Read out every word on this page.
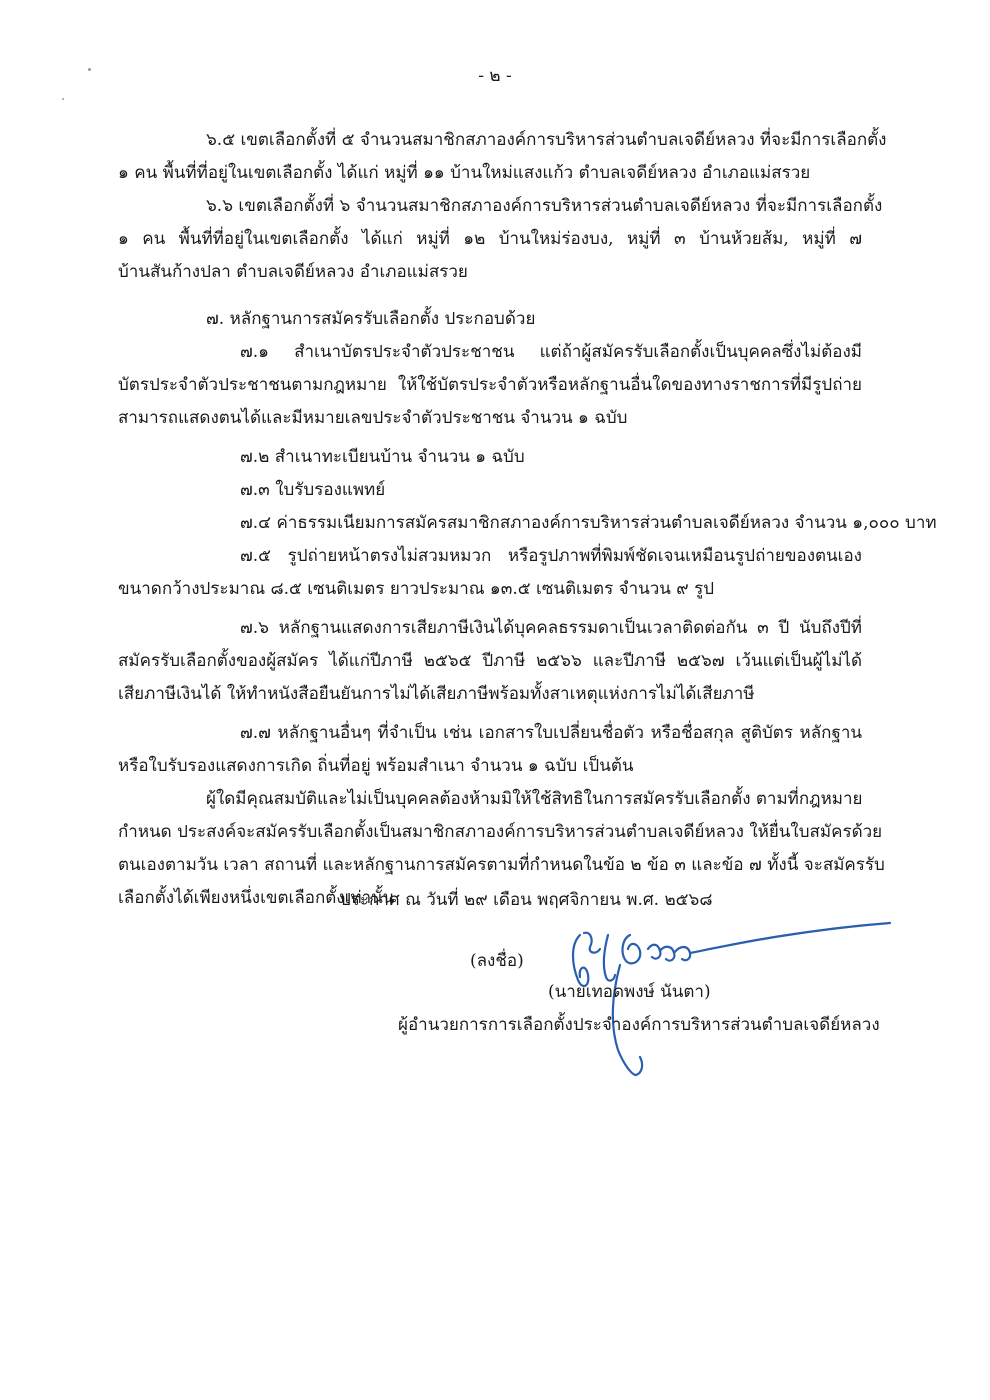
- ๒ -
๖.๕ เขตเลือกตั้งที่ ๕ จำนวนสมาชิกสภาองค์การบริหารส่วนตำบลเจดีย์หลวง ที่จะมีการเลือกตั้ง
๑ คน พื้นที่ที่อยู่ในเขตเลือกตั้ง ได้แก่ หมู่ที่ ๑๑ บ้านใหม่แสงแก้ว ตำบลเจดีย์หลวง อำเภอแม่สรวย
๖.๖ เขตเลือกตั้งที่ ๖ จำนวนสมาชิกสภาองค์การบริหารส่วนตำบลเจดีย์หลวง ที่จะมีการเลือกตั้ง
๑ คน พื้นที่ที่อยู่ในเขตเลือกตั้ง ได้แก่ หมู่ที่ ๑๒ บ้านใหม่ร่องบง, หมู่ที่ ๓ บ้านห้วยส้ม, หมู่ที่ ๗
บ้านสันก้างปลา ตำบลเจดีย์หลวง อำเภอแม่สรวย
๗. หลักฐานการสมัครรับเลือกตั้ง ประกอบด้วย
๗.๑ สำเนาบัตรประจำตัวประชาชน แต่ถ้าผู้สมัครรับเลือกตั้งเป็นบุคคลซึ่งไม่ต้องมี
บัตรประจำตัวประชาชนตามกฎหมาย ให้ใช้บัตรประจำตัวหรือหลักฐานอื่นใดของทางราชการที่มีรูปถ่าย
สามารถแสดงตนได้และมีหมายเลขประจำตัวประชาชน จำนวน ๑ ฉบับ
๗.๒ สำเนาทะเบียนบ้าน จำนวน ๑ ฉบับ
๗.๓ ใบรับรองแพทย์
๗.๔ ค่าธรรมเนียมการสมัครสมาชิกสภาองค์การบริหารส่วนตำบลเจดีย์หลวง จำนวน ๑,๐๐๐ บาท
๗.๕ รูปถ่ายหน้าตรงไม่สวมหมวก หรือรูปภาพที่พิมพ์ชัดเจนเหมือนรูปถ่ายของตนเอง
ขนาดกว้างประมาณ ๘.๕ เซนติเมตร ยาวประมาณ ๑๓.๕ เซนติเมตร จำนวน ๙ รูป
๗.๖ หลักฐานแสดงการเสียภาษีเงินได้บุคคลธรรมดาเป็นเวลาติดต่อกัน ๓ ปี นับถึงปีที่
สมัครรับเลือกตั้งของผู้สมัคร ได้แก่ปีภาษี ๒๕๖๕ ปีภาษี ๒๕๖๖ และปีภาษี ๒๕๖๗ เว้นแต่เป็นผู้ไม่ได้
เสียภาษีเงินได้ ให้ทำหนังสือยืนยันการไม่ได้เสียภาษีพร้อมทั้งสาเหตุแห่งการไม่ได้เสียภาษี
๗.๗ หลักฐานอื่นๆ ที่จำเป็น เช่น เอกสารใบเปลี่ยนชื่อตัว หรือชื่อสกุล สูติบัตร หลักฐาน
หรือใบรับรองแสดงการเกิด ถิ่นที่อยู่ พร้อมสำเนา จำนวน ๑ ฉบับ เป็นต้น
ผู้ใดมีคุณสมบัติและไม่เป็นบุคคลต้องห้ามมิให้ใช้สิทธิในการสมัครรับเลือกตั้ง ตามที่กฎหมาย
กำหนด ประสงค์จะสมัครรับเลือกตั้งเป็นสมาชิกสภาองค์การบริหารส่วนตำบลเจดีย์หลวง ให้ยื่นใบสมัครด้วย
ตนเองตามวัน เวลา สถานที่ และหลักฐานการสมัครตามที่กำหนดในข้อ ๒ ข้อ ๓ และข้อ ๗ ทั้งนี้ จะสมัครรับ
เลือกตั้งได้เพียงหนึ่งเขตเลือกตั้งเท่านั้น
ประกาศ ณ วันที่ ๒๙ เดือน พฤศจิกายน พ.ศ. ๒๕๖๘
(ลงชื่อ)
(นายเทอดพงษ์ นันตา)
ผู้อำนวยการการเลือกตั้งประจำองค์การบริหารส่วนตำบลเจดีย์หลวง
